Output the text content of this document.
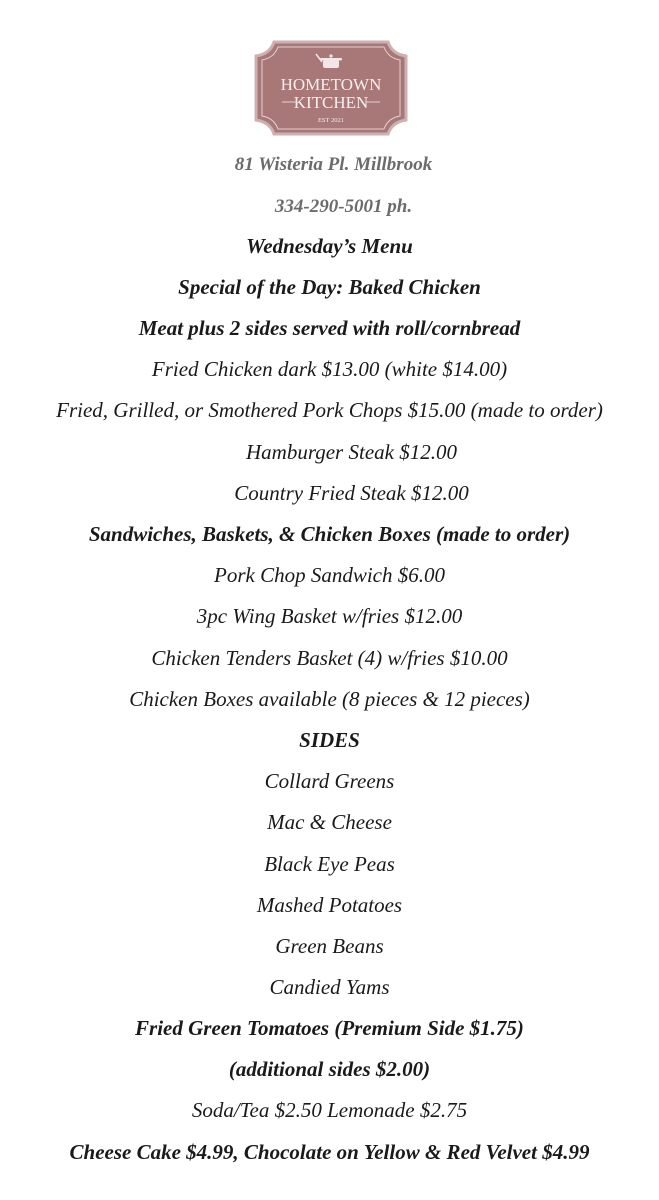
HOMETOWN
KITCHEN
EST 2021
81 Wisteria Pl. Millbrook
334-290-5001 ph.
Wednesday’s Menu
Special of the Day: Baked Chicken
Meat plus 2 sides served with roll/cornbread
Fried Chicken dark $13.00 (white $14.00)
Fried, Grilled, or Smothered Pork Chops $15.00 (made to order)
Hamburger Steak $12.00
Country Fried Steak $12.00
Sandwiches, Baskets, & Chicken Boxes (made to order)
Pork Chop Sandwich $6.00
3pc Wing Basket w/fries $12.00
Chicken Tenders Basket (4) w/fries $10.00
Chicken Boxes available (8 pieces & 12 pieces)
SIDES
Collard Greens
Mac & Cheese
Black Eye Peas
Mashed Potatoes
Green Beans
Candied Yams
Fried Green Tomatoes (Premium Side $1.75)
(additional sides $2.00)
Soda/Tea $2.50 Lemonade $2.75
Cheese Cake $4.99, Chocolate on Yellow & Red Velvet $4.99
